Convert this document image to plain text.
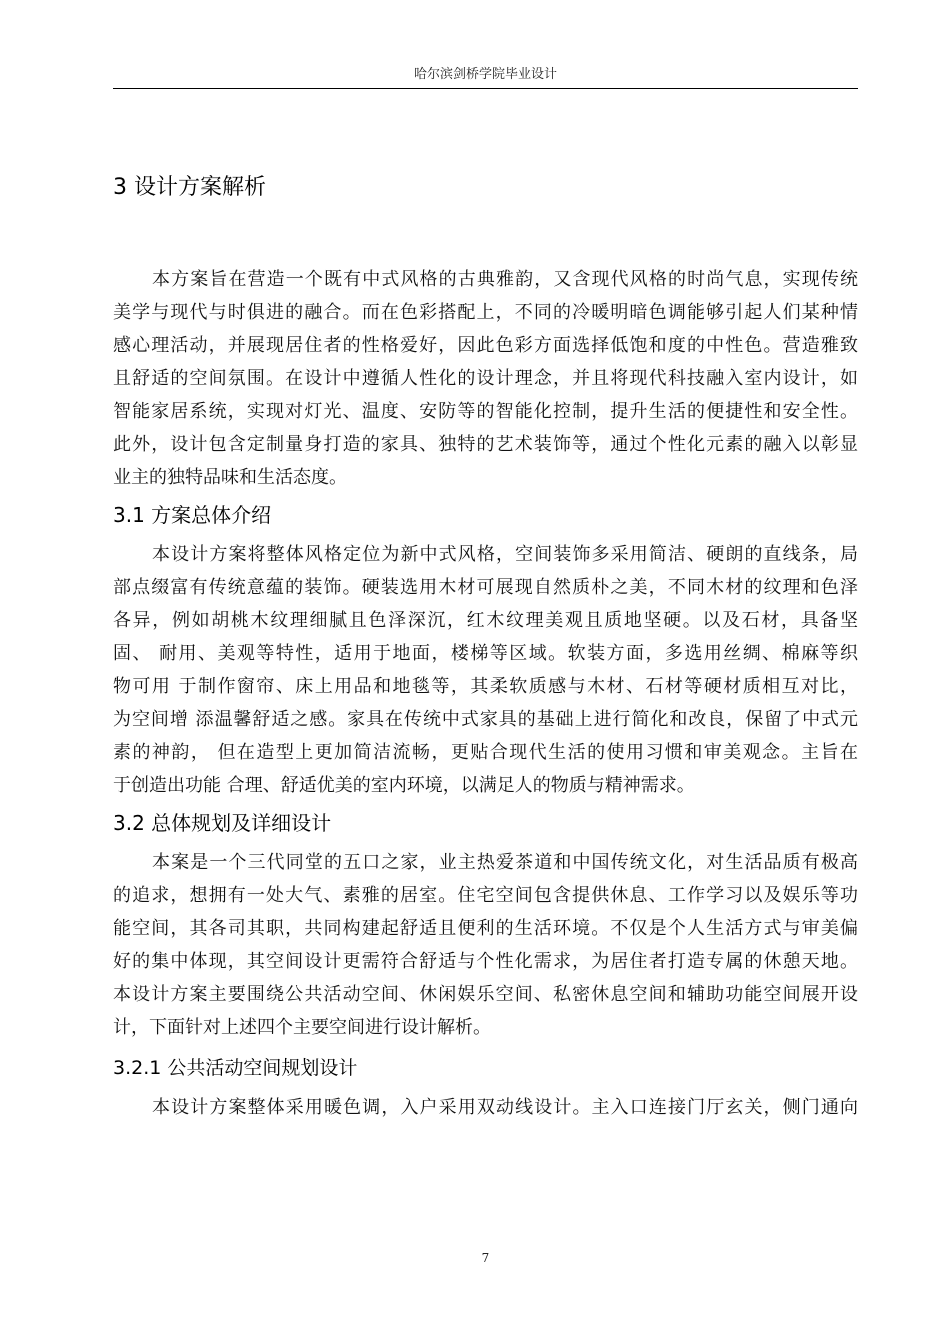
哈尔滨剑桥学院毕业设计
3 设计方案解析
本方案旨在营造一个既有中式风格的古典雅韵，又含现代风格的时尚气息，实现传统
美学与现代与时俱进的融合。而在色彩搭配上，不同的冷暖明暗色调能够引起人们某种情
感心理活动，并展现居住者的性格爱好，因此色彩方面选择低饱和度的中性色。营造雅致
且舒适的空间氛围。在设计中遵循人性化的设计理念，并且将现代科技融入室内设计，如
智能家居系统，实现对灯光、温度、安防等的智能化控制，提升生活的便捷性和安全性。
此外，设计包含定制量身打造的家具、独特的艺术装饰等，通过个性化元素的融入以彰显
业主的独特品味和生活态度。
3.1 方案总体介绍
本设计方案将整体风格定位为新中式风格，空间装饰多采用简洁、硬朗的直线条，局
部点缀富有传统意蕴的装饰。硬装选用木材可展现自然质朴之美，不同木材的纹理和色泽
各异，例如胡桃木纹理细腻且色泽深沉，红木纹理美观且质地坚硬。以及石材，具备坚
固、 耐用、美观等特性，适用于地面，楼梯等区域。软装方面，多选用丝绸、棉麻等织
物可用 于制作窗帘、床上用品和地毯等，其柔软质感与木材、石材等硬材质相互对比，
为空间增 添温馨舒适之感。家具在传统中式家具的基础上进行简化和改良，保留了中式元
素的神韵， 但在造型上更加简洁流畅，更贴合现代生活的使用习惯和审美观念。主旨在
于创造出功能 合理、舒适优美的室内环境，以满足人的物质与精神需求。
3.2 总体规划及详细设计
本案是一个三代同堂的五口之家，业主热爱茶道和中国传统文化，对生活品质有极高
的追求，想拥有一处大气、素雅的居室。住宅空间包含提供休息、工作学习以及娱乐等功
能空间，其各司其职，共同构建起舒适且便利的生活环境。不仅是个人生活方式与审美偏
好的集中体现，其空间设计更需符合舒适与个性化需求，为居住者打造专属的休憩天地。
本设计方案主要围绕公共活动空间、休闲娱乐空间、私密休息空间和辅助功能空间展开设
计，下面针对上述四个主要空间进行设计解析。
3.2.1 公共活动空间规划设计
本设计方案整体采用暖色调，入户采用双动线设计。主入口连接门厅玄关，侧门通向
7
